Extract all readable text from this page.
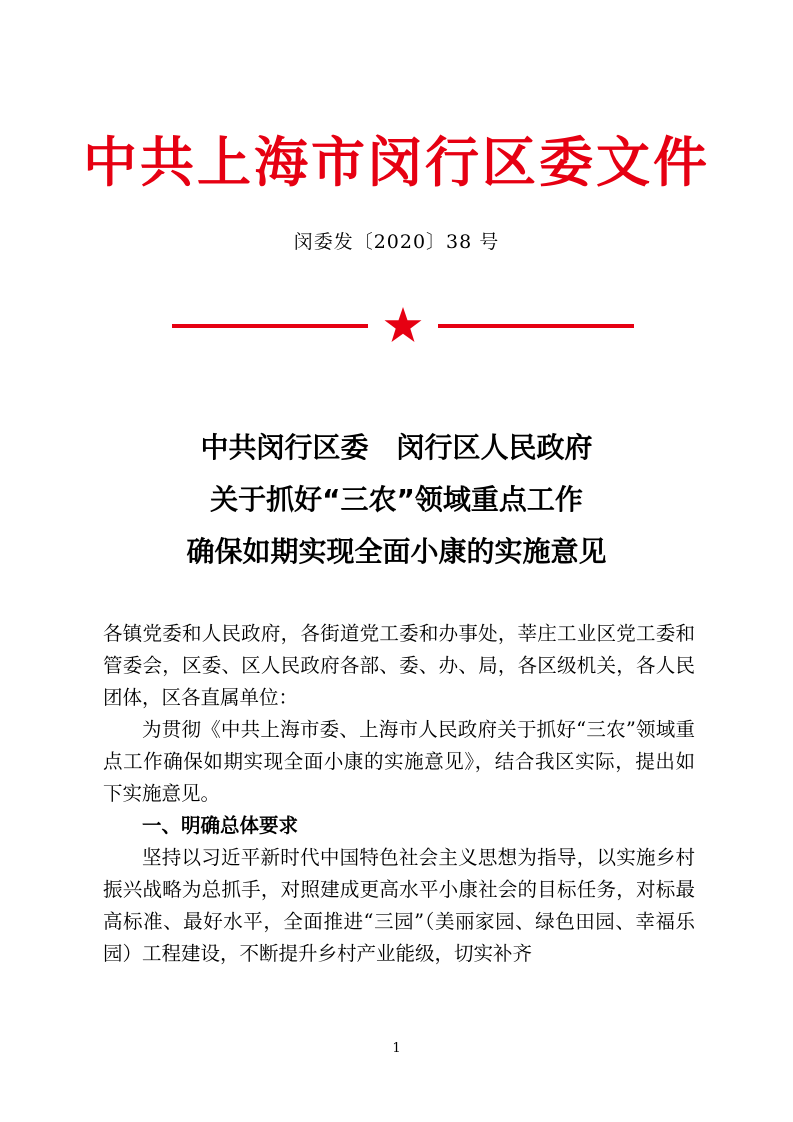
中共上海市闵行区委文件
闵委发〔2020〕38 号
中共闵行区委　闵行区人民政府
关于抓好“三农”领域重点工作
确保如期实现全面小康的实施意见

各镇党委和人民政府，各街道党工委和办事处，莘庄工业区党工委和管委会，区委、区人民政府各部、委、办、局，各区级机关，各人民团体，区各直属单位：

为贯彻《中共上海市委、上海市人民政府关于抓好“三农”领域重点工作确保如期实现全面小康的实施意见》，结合我区实际，提出如下实施意见。

一、明确总体要求

坚持以习近平新时代中国特色社会主义思想为指导，以实施乡村振兴战略为总抓手，对照建成更高水平小康社会的目标任务，对标最高标准、最好水平，全面推进“三园”（美丽家园、绿色田园、幸福乐园）工程建设，不断提升乡村产业能级，切实补齐

1
